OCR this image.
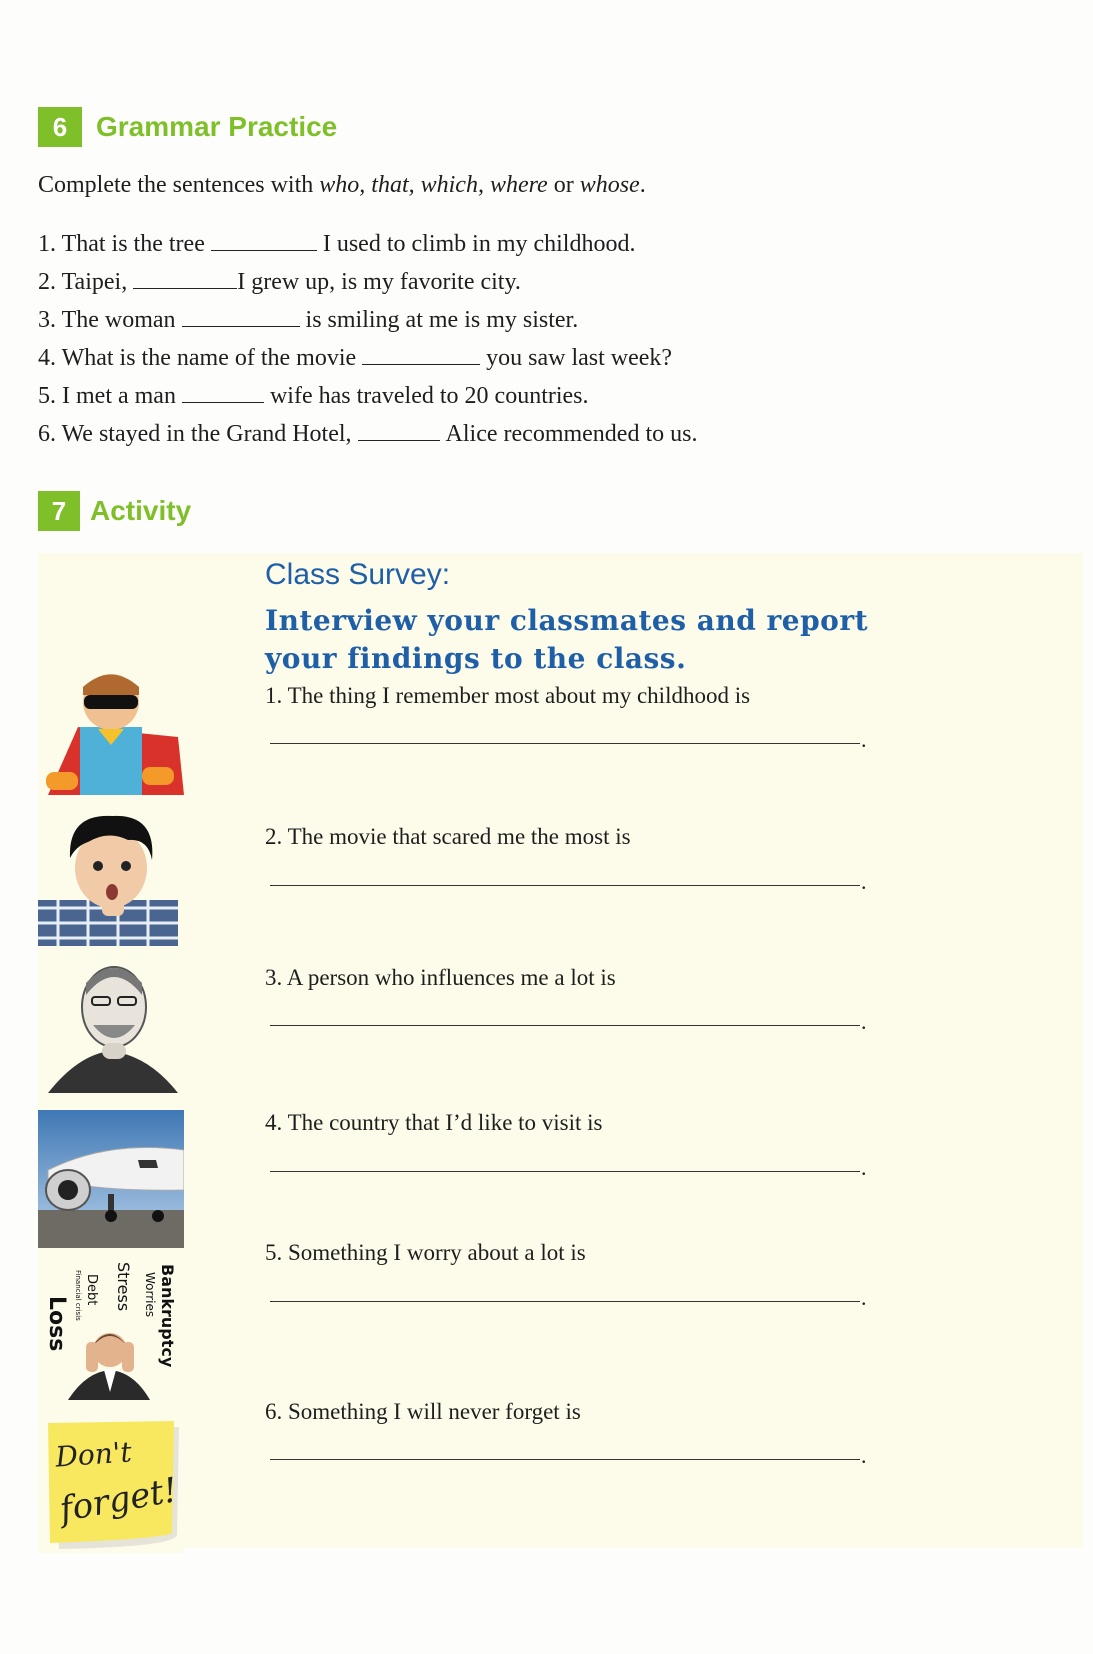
6	Grammar Practice
Complete the sentences with who, that, which, where or whose.
1. That is the tree	I used to climb in my childhood.
2. Taipei,	I grew up, is my favorite city.
3. The woman	is smiling at me is my sister.
4. What is the name of the movie	you saw last week?
5. I met a man	wife has traveled to 20 countries.
6. We stayed in the Grand Hotel,	Alice recommended to us.
7 Activity
Class Survey:
Interview your classmates and report your findings to the class.
1. The thing I remember most about my childhood is
.
2. The movie that scared me the most is
.
3. A person who influences me a lot is
.
4. The country that I’d like to visit is
.
Bankruptcy
Worries
Stress
Debt
Financial crisis
Loss
5. Something I worry about a lot is
.
Don't
forget!
6. Something I will never forget is
.
